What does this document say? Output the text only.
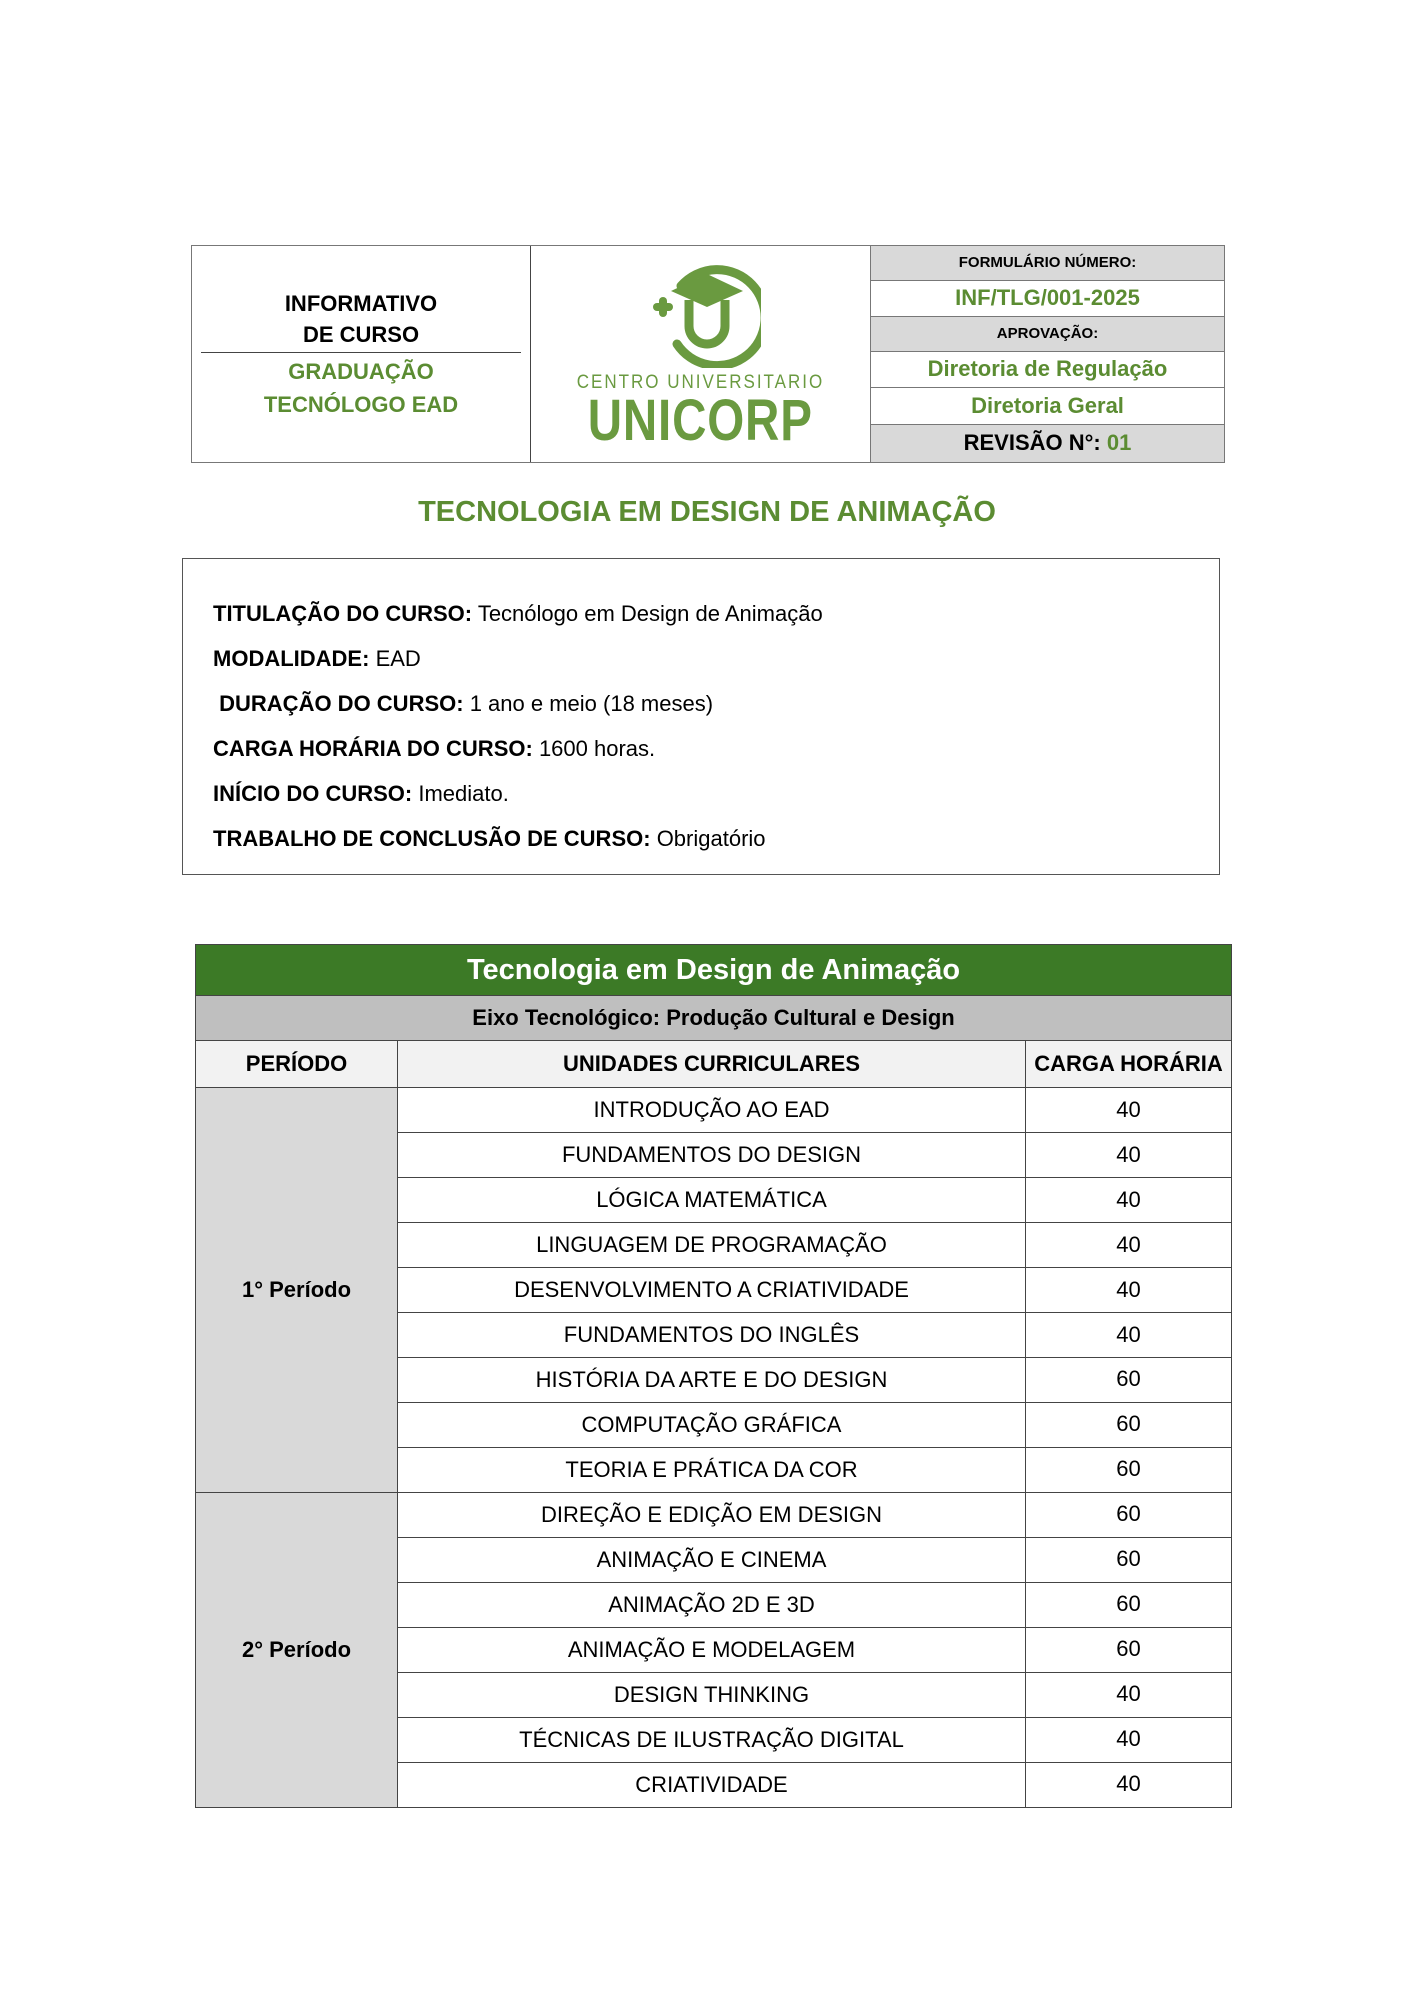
INFORMATIVO
DE CURSO
GRADUAÇÃO
TECNÓLOGO EAD
CENTRO UNIVERSITARIO
UNICORP
FORMULÁRIO NÚMERO:
INF/TLG/001-2025
APROVAÇÃO:
Diretoria de Regulação
Diretoria Geral
REVISÃO N°:
01
TECNOLOGIA EM DESIGN DE ANIMAÇÃO
TITULAÇÃO DO CURSO: Tecnólogo em Design de Animação
MODALIDADE: EAD
DURAÇÃO DO CURSO: 1 ano e meio (18 meses)
CARGA HORÁRIA DO CURSO: 1600 horas.
INÍCIO DO CURSO: Imediato.
TRABALHO DE CONCLUSÃO DE CURSO: Obrigatório
Tecnologia em Design de Animação		
Eixo Tecnológico: Produção Cultural e Design		
PERÍODO	UNIDADES CURRICULARES	CARGA HORÁRIA
1° Período	INTRODUÇÃO AO EAD	40
	FUNDAMENTOS DO DESIGN	40
	LÓGICA MATEMÁTICA	40
	LINGUAGEM DE PROGRAMAÇÃO	40
	DESENVOLVIMENTO A CRIATIVIDADE	40
	FUNDAMENTOS DO INGLÊS	40
	HISTÓRIA DA ARTE E DO DESIGN	60
	COMPUTAÇÃO GRÁFICA	60
	TEORIA E PRÁTICA DA COR	60
2° Período	DIREÇÃO E EDIÇÃO EM DESIGN	60
	ANIMAÇÃO E CINEMA	60
	ANIMAÇÃO 2D E 3D	60
	ANIMAÇÃO E MODELAGEM	60
	DESIGN THINKING	40
	TÉCNICAS DE ILUSTRAÇÃO DIGITAL	40
	CRIATIVIDADE	40
